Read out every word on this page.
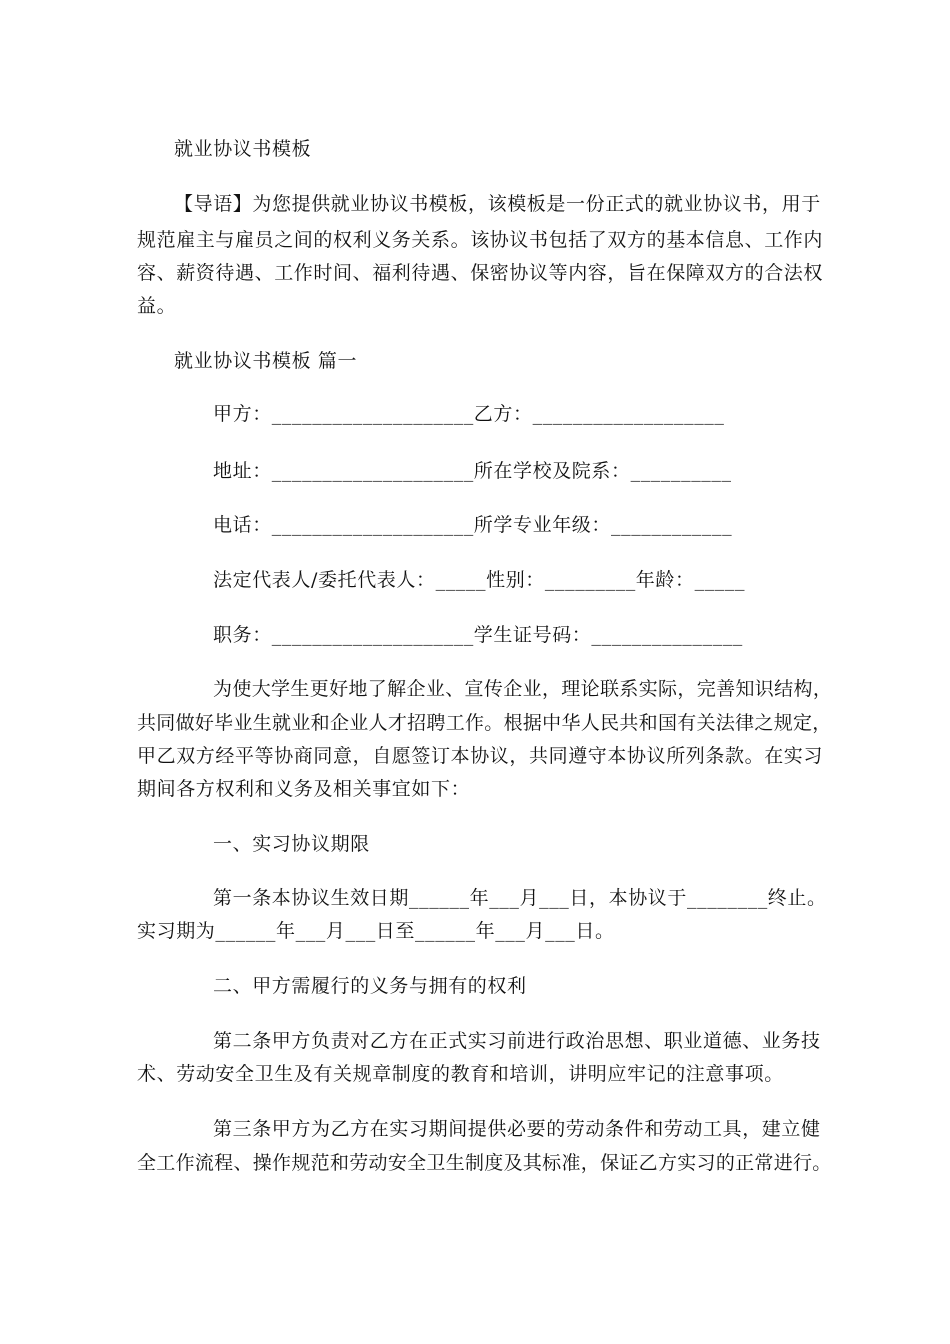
就业协议书模板
【导语】为您提供就业协议书模板，该模板是一份正式的就业协议书，用于
规范雇主与雇员之间的权利义务关系。该协议书包括了双方的基本信息、工作内
容、薪资待遇、工作时间、福利待遇、保密协议等内容，旨在保障双方的合法权
益。
就业协议书模板 篇一
甲方：____________________乙方：___________________
地址：____________________所在学校及院系：__________
电话：____________________所学专业年级：____________
法定代表人/委托代表人：_____性别：_________年龄：_____
职务：____________________学生证号码：_______________
为使大学生更好地了解企业、宣传企业，理论联系实际，完善知识结构，
共同做好毕业生就业和企业人才招聘工作。根据中华人民共和国有关法律之规定，
甲乙双方经平等协商同意，自愿签订本协议，共同遵守本协议所列条款。在实习
期间各方权利和义务及相关事宜如下：
一、实习协议期限
第一条本协议生效日期______年___月___日，本协议于________终止。
实习期为______年___月___日至______年___月___日。
二、甲方需履行的义务与拥有的权利
第二条甲方负责对乙方在正式实习前进行政治思想、职业道德、业务技
术、劳动安全卫生及有关规章制度的教育和培训，讲明应牢记的注意事项。
第三条甲方为乙方在实习期间提供必要的劳动条件和劳动工具，建立健
全工作流程、操作规范和劳动安全卫生制度及其标准，保证乙方实习的正常进行。
